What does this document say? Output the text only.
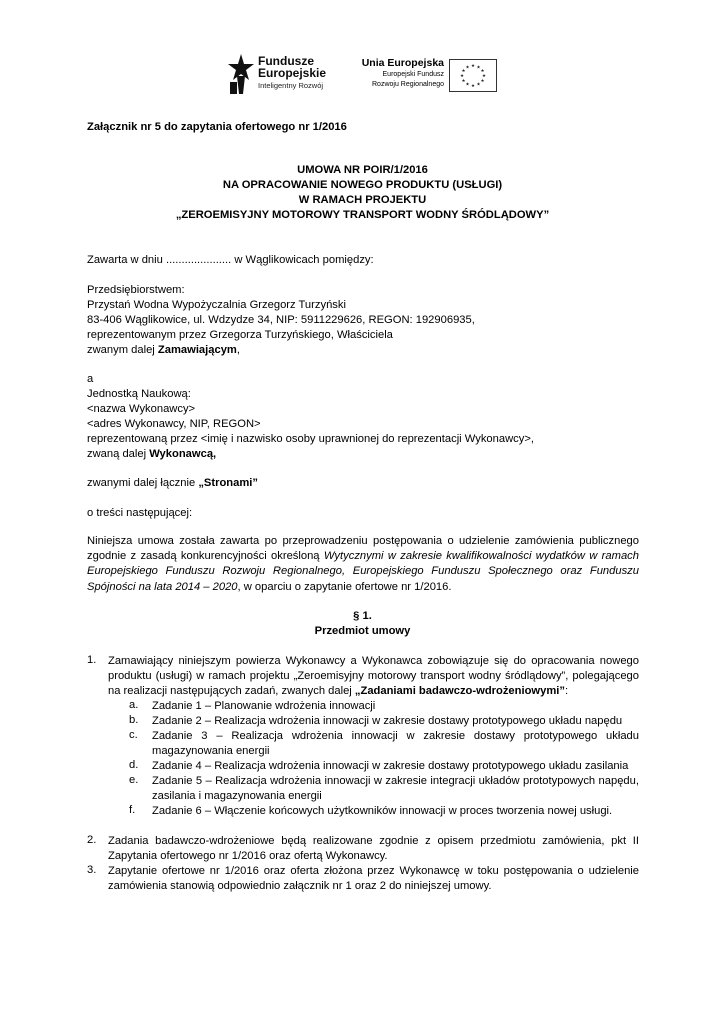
Fundusze
Europejskie
Inteligentny Rozwój
Unia Europejska
Europejski Fundusz
Rozwoju Regionalnego
★ ★
★
★
★
★
★
★
★
★
★
★
Załącznik nr 5 do zapytania ofertowego nr 1/2016
UMOWA NR POIR/1/2016
NA OPRACOWANIE NOWEGO PRODUKTU (USŁUGI)
W RAMACH PROJEKTU
„ZEROEMISYJNY MOTOROWY TRANSPORT WODNY ŚRÓDLĄDOWY”
Zawarta w dniu ..................... w Wąglikowicach pomiędzy:
Przedsiębiorstwem:
Przystań Wodna Wypożyczalnia Grzegorz Turzyński
83-406 Wąglikowice, ul. Wdzydze 34, NIP: 5911229626, REGON: 192906935,
reprezentowanym przez Grzegorza Turzyńskiego, Właściciela
zwanym dalej Zamawiającym,
a
Jednostką Naukową:
<nazwa Wykonawcy>
<adres Wykonawcy, NIP, REGON>
reprezentowaną przez <imię i nazwisko osoby uprawnionej do reprezentacji Wykonawcy>,
zwaną dalej Wykonawcą,
zwanymi dalej łącznie „Stronami”
o treści następującej:
Niniejsza umowa została zawarta po przeprowadzeniu postępowania o udzielenie zamówienia publicznego zgodnie z zasadą konkurencyjności określoną Wytycznymi w zakresie kwalifikowalności wydatków w ramach Europejskiego Funduszu Rozwoju Regionalnego, Europejskiego Funduszu Społecznego oraz Funduszu Spójności na lata 2014 – 2020, w oparciu o zapytanie ofertowe nr 1/2016.
§ 1.
Przedmiot umowy
1. Zamawiający niniejszym powierza Wykonawcy a Wykonawca zobowiązuje się do opracowania nowego produktu (usługi) w ramach projektu „Zeroemisyjny motorowy transport wodny śródlądowy”, polegającego na realizacji następujących zadań, zwanych dalej „Zadaniami badawczo-wdrożeniowymi”:
a. Zadanie 1 – Planowanie wdrożenia innowacji
b. Zadanie 2 – Realizacja wdrożenia innowacji w zakresie dostawy prototypowego układu napędu
c. Zadanie 3 – Realizacja wdrożenia innowacji w zakresie dostawy prototypowego układu magazynowania energii
d. Zadanie 4 – Realizacja wdrożenia innowacji w zakresie dostawy prototypowego układu zasilania
e. Zadanie 5 – Realizacja wdrożenia innowacji w zakresie integracji układów prototypowych napędu, zasilania i magazynowania energii
f. Zadanie 6 – Włączenie końcowych użytkowników innowacji w proces tworzenia nowej usługi.
2. Zadania badawczo-wdrożeniowe będą realizowane zgodnie z opisem przedmiotu zamówienia, pkt II Zapytania ofertowego nr 1/2016 oraz ofertą Wykonawcy.
3. Zapytanie ofertowe nr 1/2016 oraz oferta złożona przez Wykonawcę w toku postępowania o udzielenie zamówienia stanowią odpowiednio załącznik nr 1 oraz 2 do niniejszej umowy.
